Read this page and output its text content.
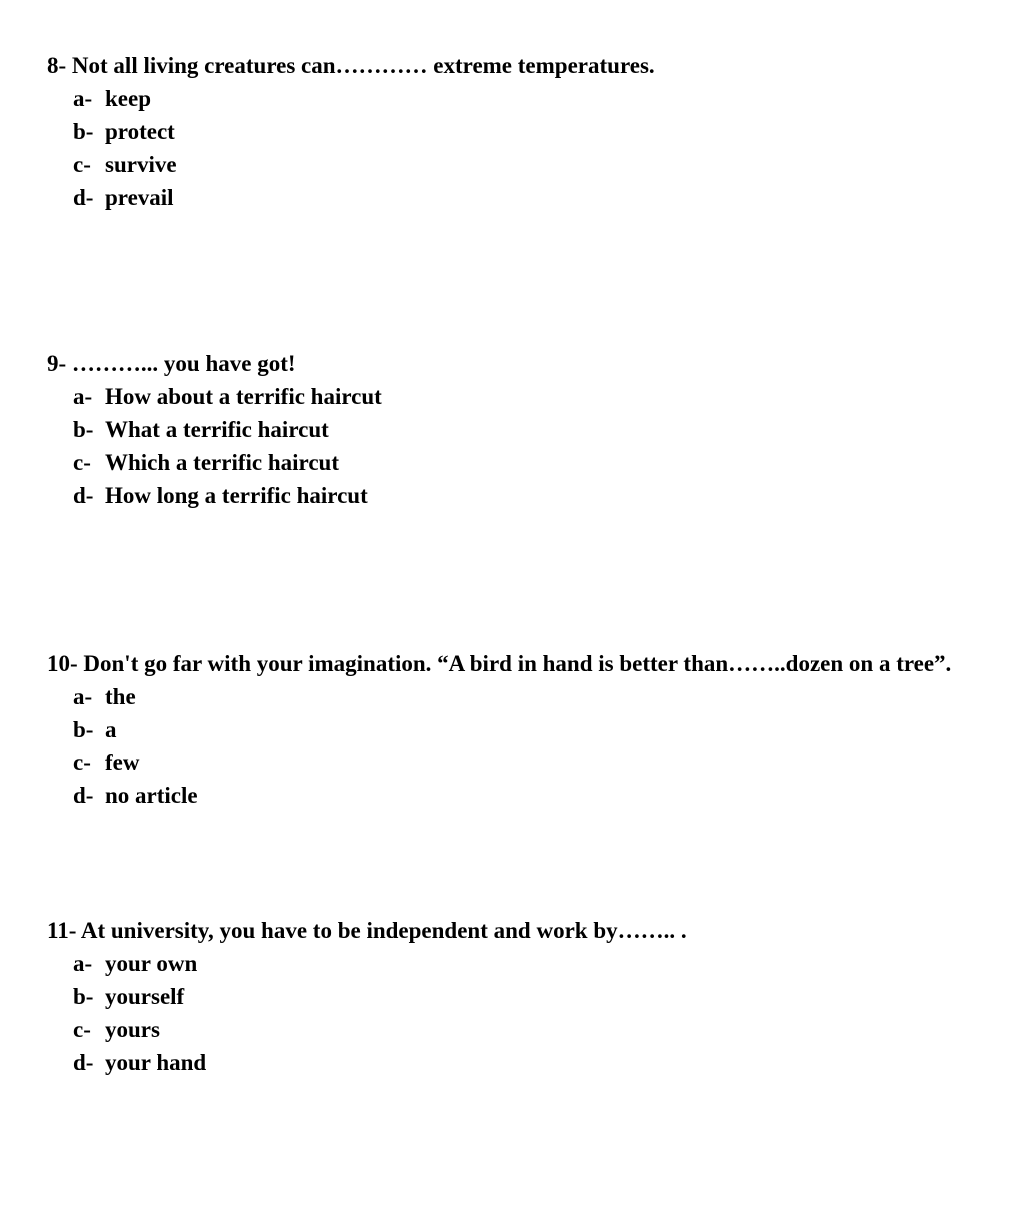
8- Not all living creatures can………… extreme temperatures.

a- keep
b- protect
c- survive
d- prevail

9- ………... you have got!

a- How about a terrific haircut
b- What a terrific haircut
c- Which a terrific haircut
d- How long a terrific haircut

10- Don't go far with your imagination. “A bird in hand is better than……..dozen on a tree”.

a- the
b- a
c- few
d- no article

11- At university, you have to be independent and work by…….. .

a- your own
b- yourself
c- yours
d- your hand
